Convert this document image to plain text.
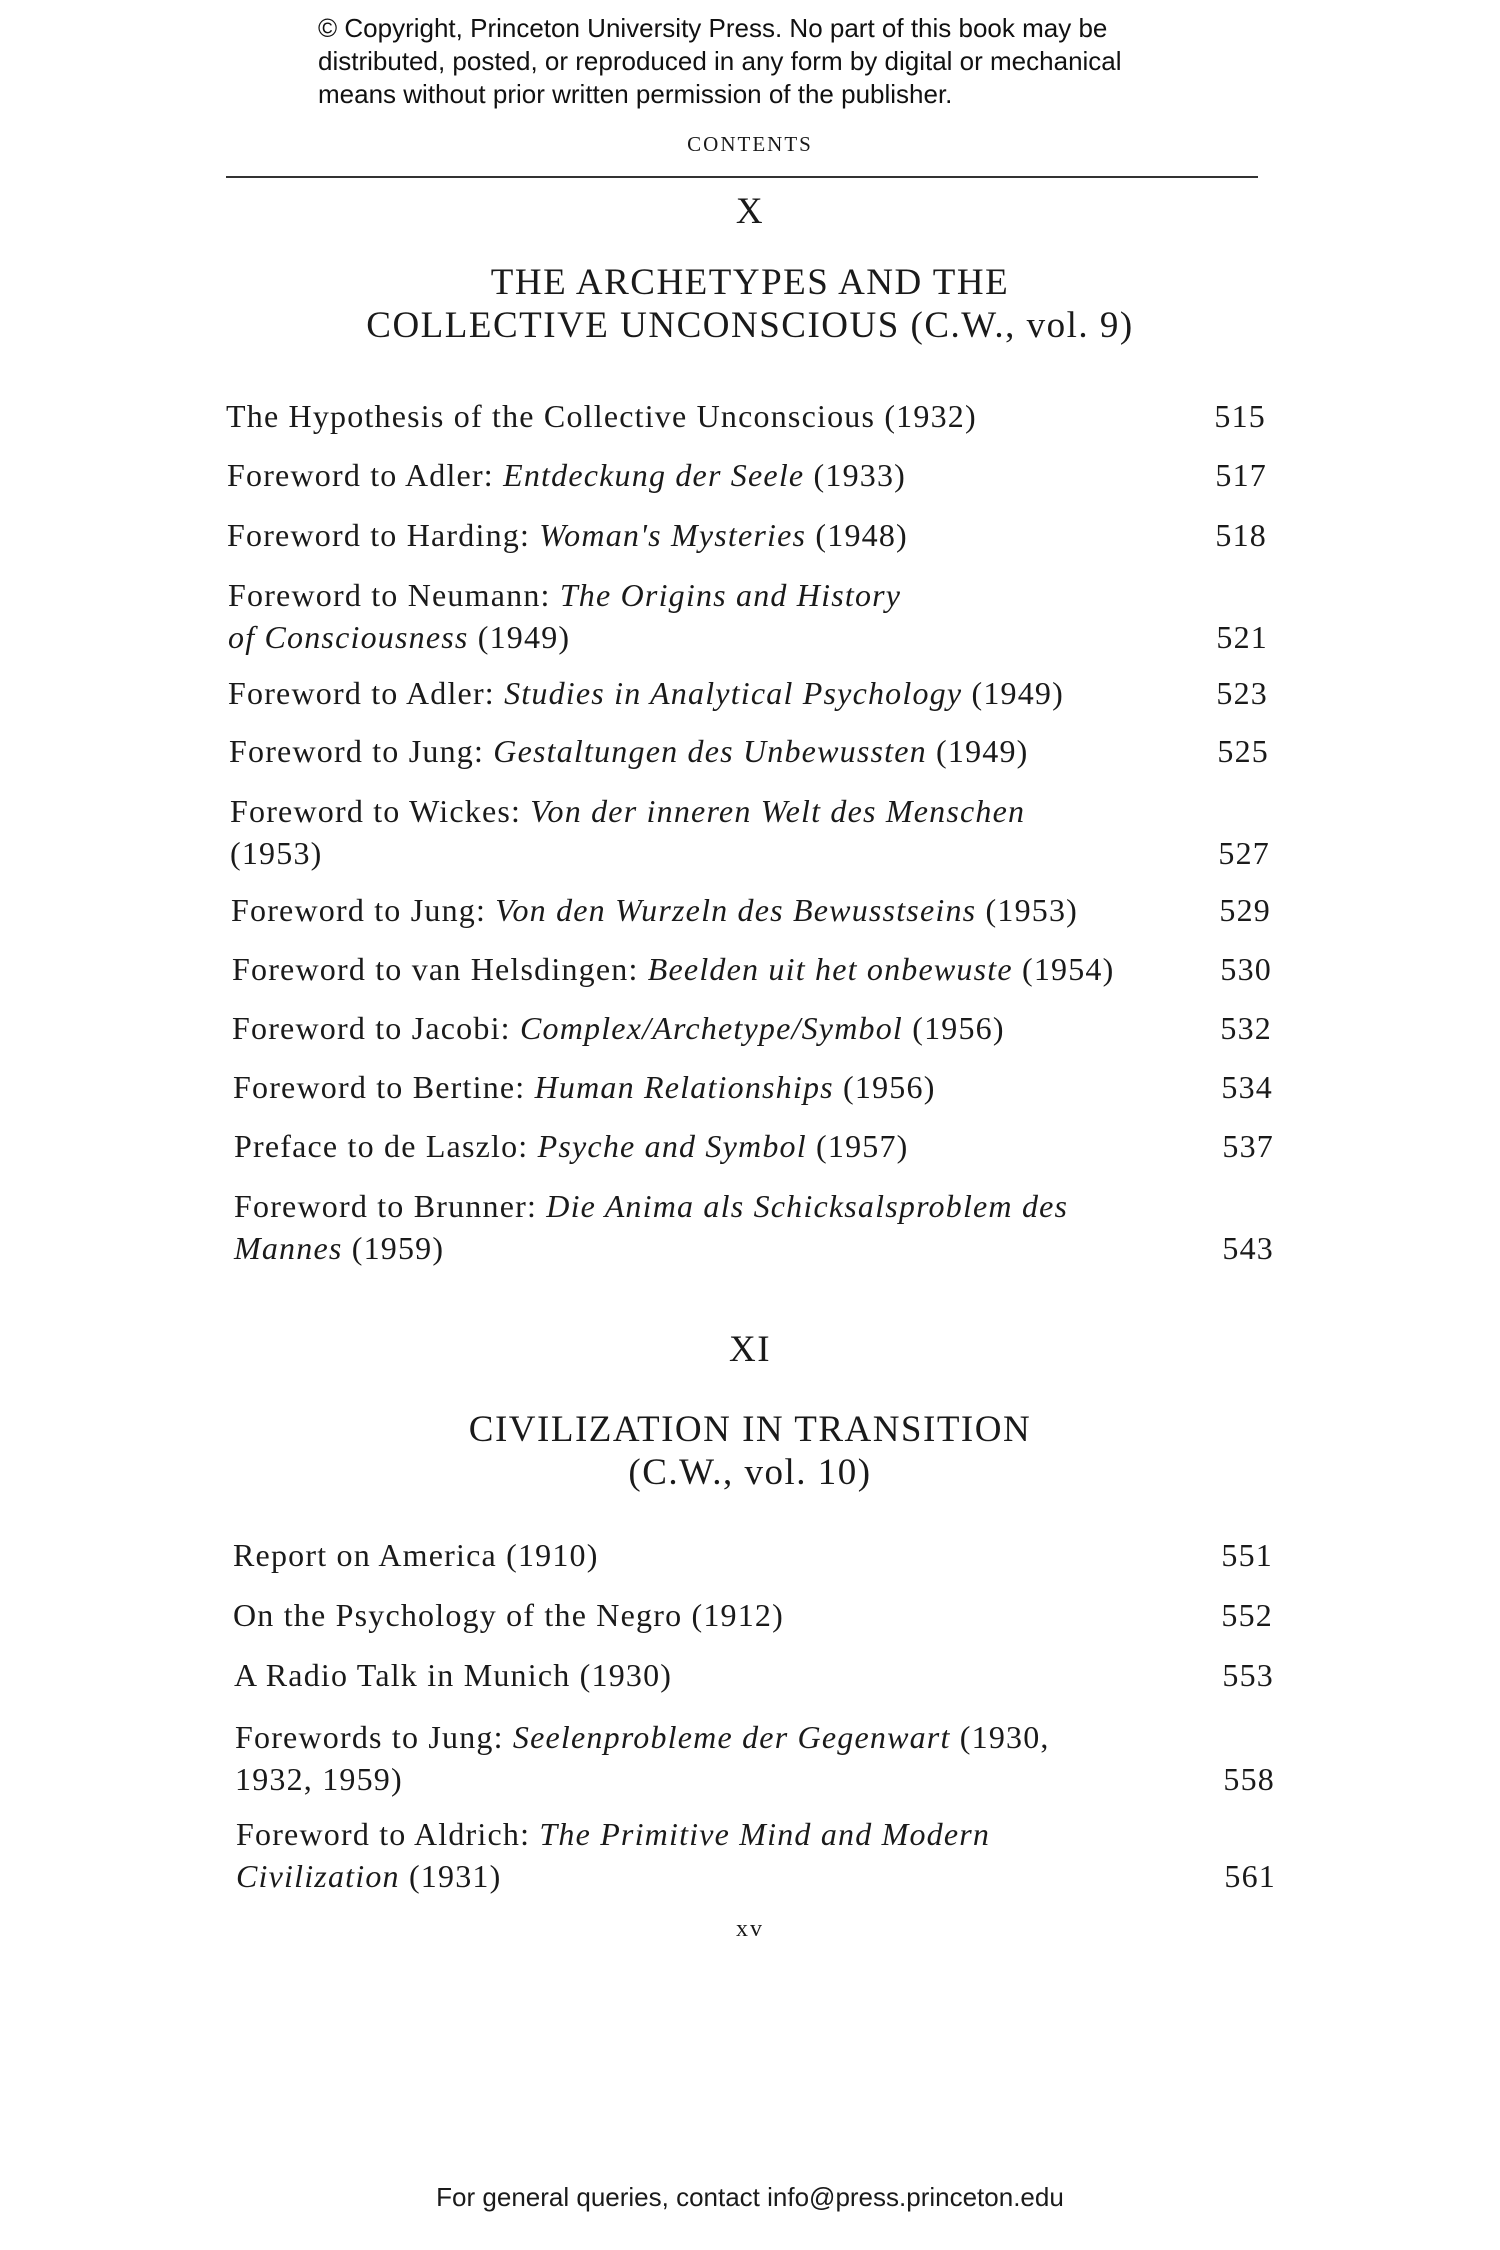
© Copyright, Princeton University Press. No part of this book may be
distributed, posted, or reproduced in any form by digital or mechanical
means without prior written permission of the publisher.
CONTENTS
X
THE ARCHETYPES AND THE
COLLECTIVE UNCONSCIOUS (C.W., vol. 9)
XI
CIVILIZATION IN TRANSITION
(C.W., vol. 10)
The Hypothesis of the Collective Unconscious (1932)	515
Foreword to Adler: Entdeckung der Seele (1933)	517
Foreword to Harding: Woman's Mysteries (1948)	518
Foreword to Neumann: The Origins and History
of Consciousness (1949)	521
Foreword to Adler: Studies in Analytical Psychology (1949)	523
Foreword to Jung: Gestaltungen des Unbewussten (1949)	525
Foreword to Wickes: Von der inneren Welt des Menschen
(1953)	527
Foreword to Jung: Von den Wurzeln des Bewusstseins (1953)	529
Foreword to van Helsdingen: Beelden uit het onbewuste (1954)	530
Foreword to Jacobi: Complex/Archetype/Symbol (1956)	532
Foreword to Bertine: Human Relationships (1956)	534
Preface to de Laszlo: Psyche and Symbol (1957)	537
Foreword to Brunner: Die Anima als Schicksalsproblem des
Mannes (1959)	543
Report on America (1910)	551
On the Psychology of the Negro (1912)	552
A Radio Talk in Munich (1930)	553
Forewords to Jung: Seelenprobleme der Gegenwart (1930,
1932, 1959)	558
Foreword to Aldrich: The Primitive Mind and Modern
Civilization (1931)	561
xv
For general queries, contact info@press.princeton.edu
